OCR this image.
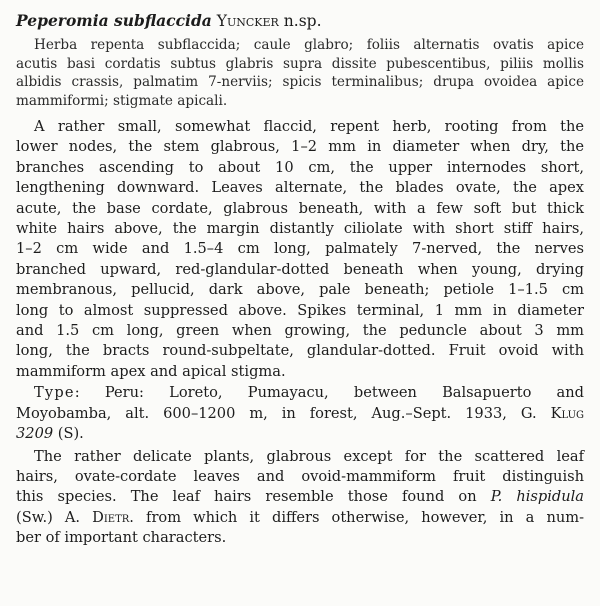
Peperomia subflaccida Yuncker n.sp.
Herba repenta subflaccida; caule glabro; foliis alternatis ovatis apice
acutis basi cordatis subtus glabris supra dissite pubescentibus, piliis mollis
albidis crassis, palmatim 7-nerviis; spicis terminalibus; drupa ovoidea apice
mammiformi; stigmate apicali.
A rather small, somewhat flaccid, repent herb, rooting from the
lower nodes, the stem glabrous, 1–2 mm in diameter when dry, the
branches ascending to about 10 cm, the upper internodes short,
lengthening downward. Leaves alternate, the blades ovate, the apex
acute, the base cordate, glabrous beneath, with a few soft but thick
white hairs above, the margin distantly ciliolate with short stiff hairs,
1–2 cm wide and 1.5–4 cm long, palmately 7-nerved, the nerves
branched upward, red-glandular-dotted beneath when young, drying
membranous, pellucid, dark above, pale beneath; petiole 1–1.5 cm
long to almost suppressed above. Spikes terminal, 1 mm in diameter
and 1.5 cm long, green when growing, the peduncle about 3 mm
long, the bracts round-subpeltate, glandular-dotted. Fruit ovoid with
mammiform apex and apical stigma.
Type: Peru: Loreto, Pumayacu, between Balsapuerto and
Moyobamba, alt. 600–1200 m, in forest, Aug.–Sept. 1933, G. Klug
3209 (S).
The rather delicate plants, glabrous except for the scattered leaf
hairs, ovate-cordate leaves and ovoid-mammiform fruit distinguish
this species. The leaf hairs resemble those found on P. hispidula
(Sw.) A. Dietr. from which it differs otherwise, however, in a num-
ber of important characters.
